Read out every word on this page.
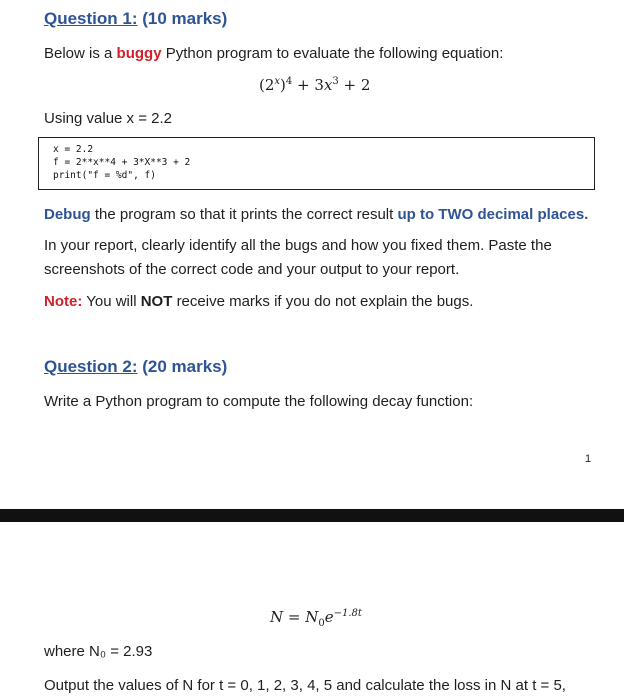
Question 1: (10 marks)
Below is a buggy Python program to evaluate the following equation:
$(2^x)^4 + 3x^3 + 2$
Using value x = 2.2
x = 2.2
f = 2**x**4 + 3*X**3 + 2
print("f = %d", f)
Debug the program so that it prints the correct result up to TWO decimal places.
In your report, clearly identify all the bugs and how you fixed them. Paste the
screenshots of the correct code and your output to your report.
Note: You will NOT receive marks if you do not explain the bugs.
Question 2: (20 marks)
Write a Python program to compute the following decay function:
1
$N = N_0e^{-1.8t}$
where N₀ = 2.93
Output the values of N for t = 0, 1, 2, 3, 4, 5 and calculate the loss in N at t = 5,
